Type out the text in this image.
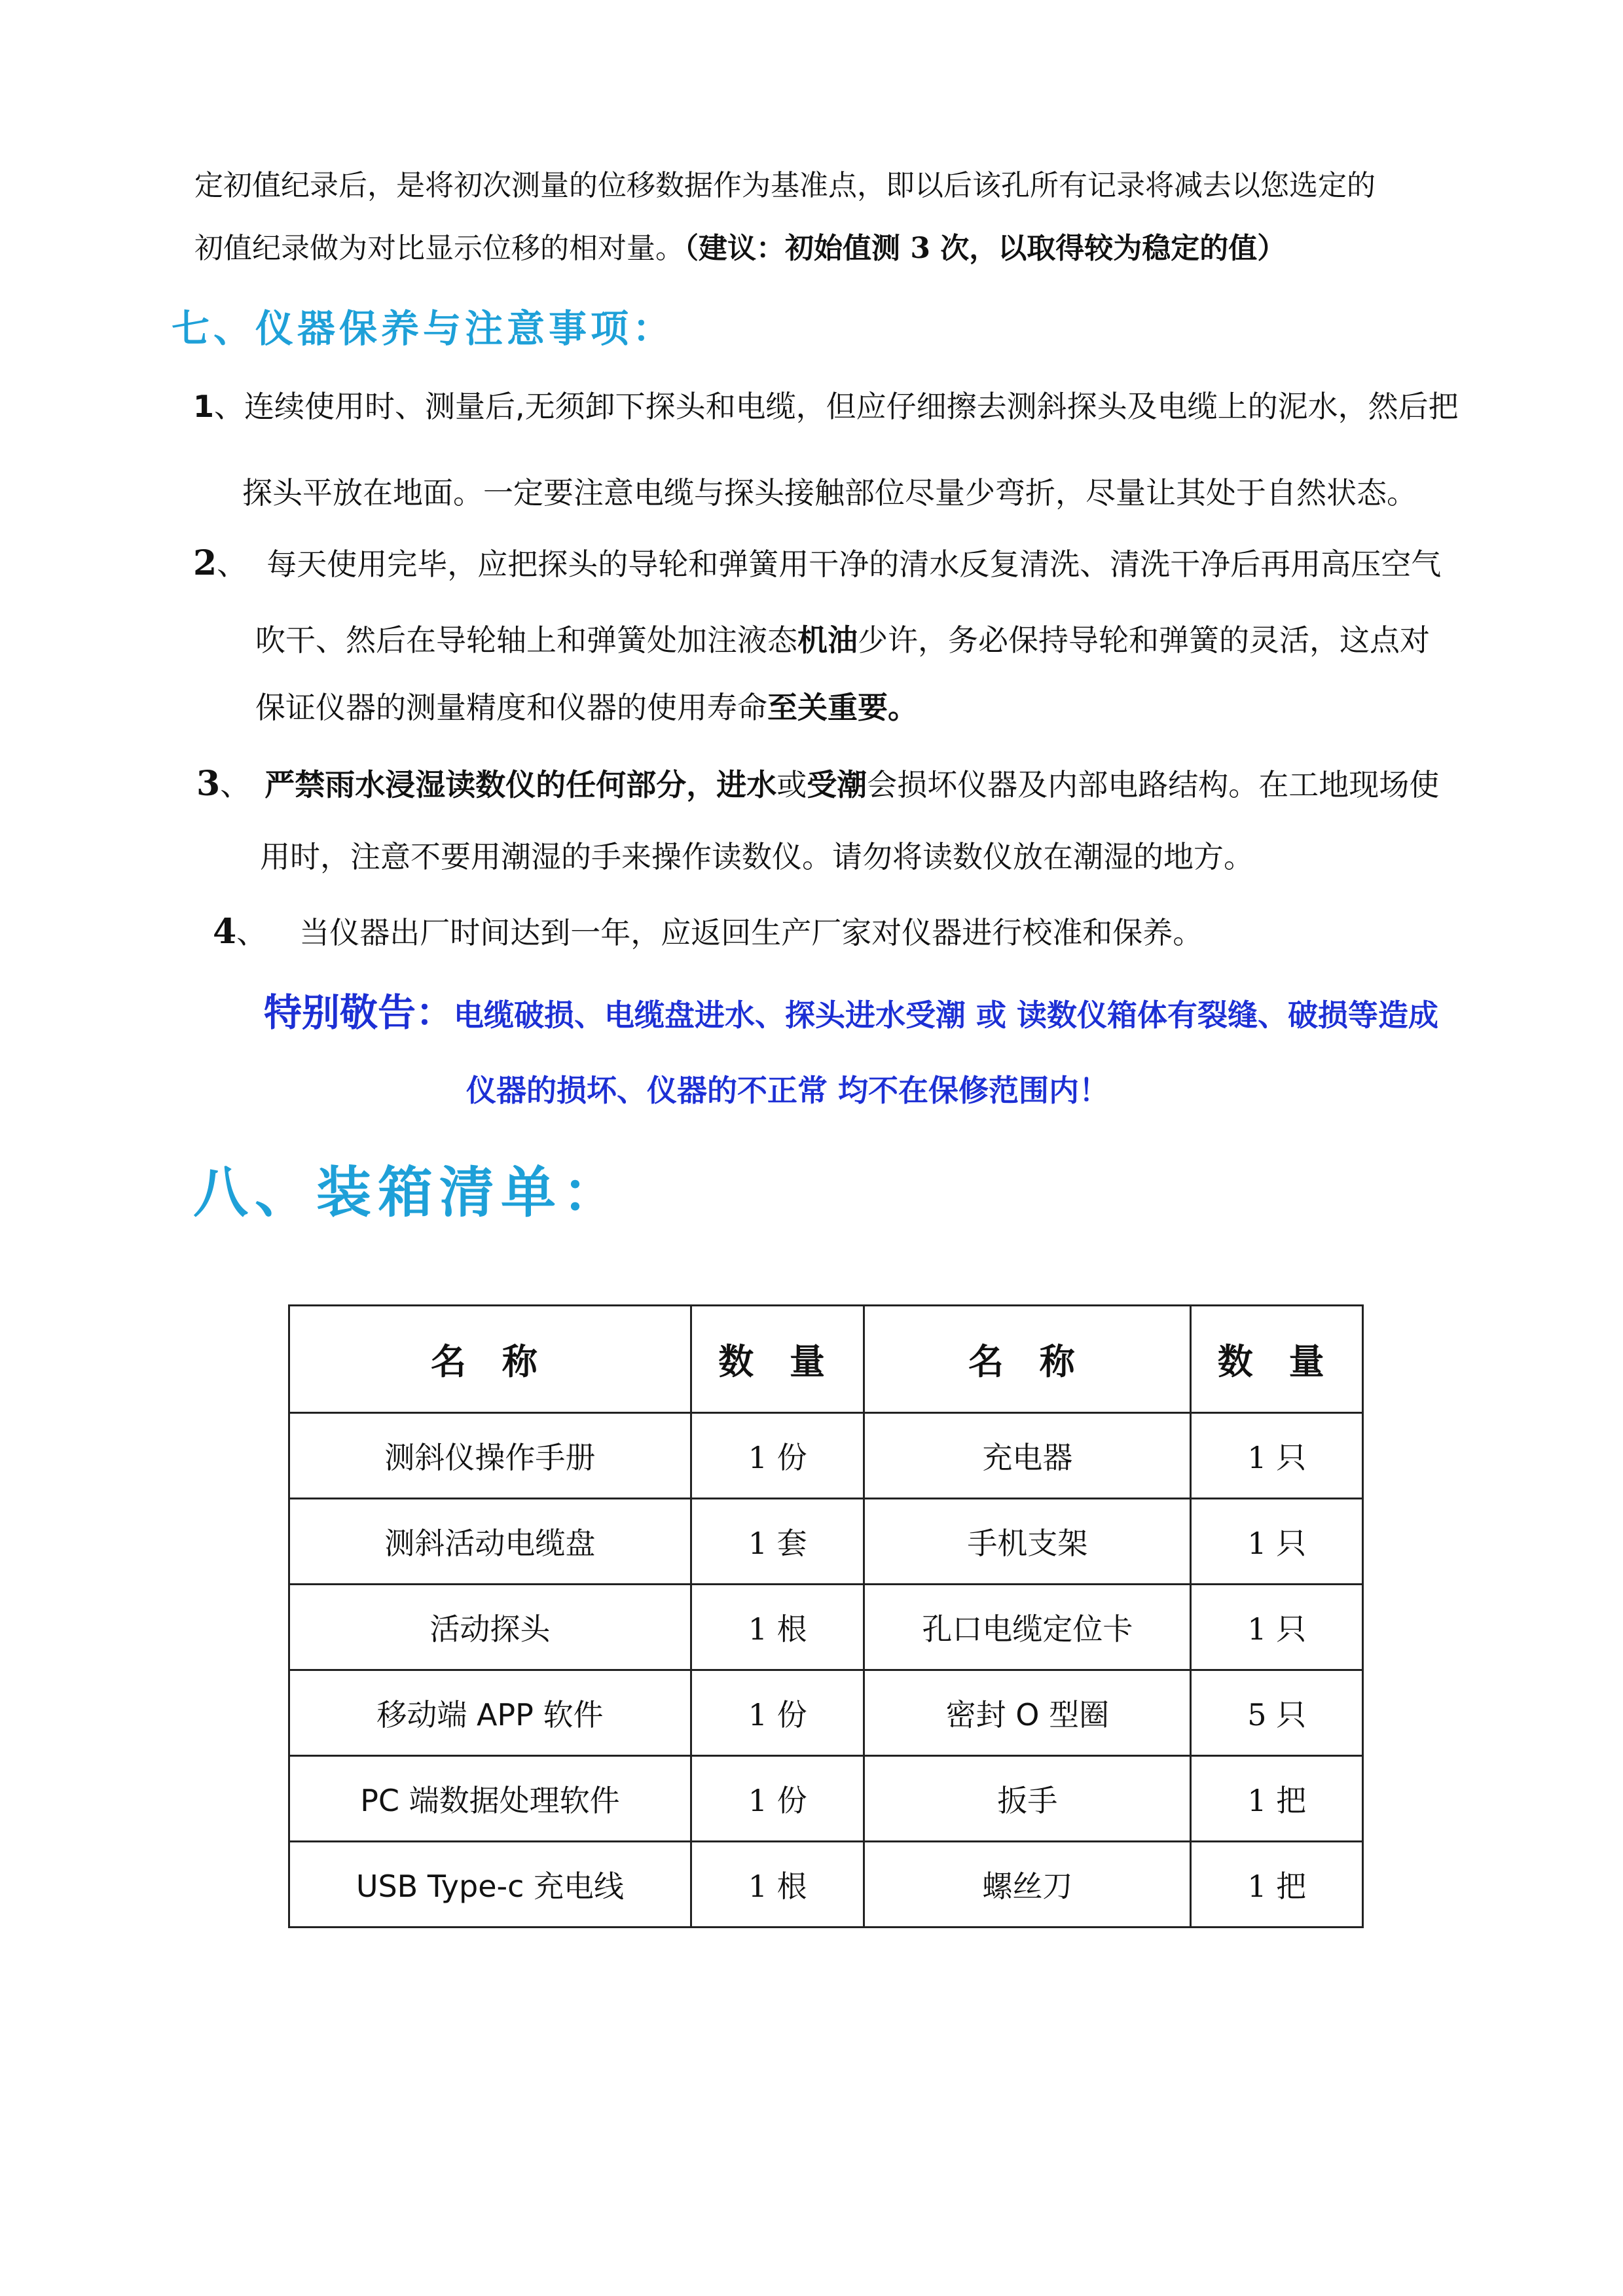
定初值纪录后，是将初次测量的位移数据作为基准点，即以后该孔所有记录将减去以您选定的
初值纪录做为对比显示位移的相对量。（建议：初始值测 3 次，以取得较为稳定的值）
七、仪器保养与注意事项：
1、连续使用时、测量后,无须卸下探头和电缆，但应仔细擦去测斜探头及电缆上的泥水，然后把
探头平放在地面。一定要注意电缆与探头接触部位尽量少弯折，尽量让其处于自然状态。
2、 每天使用完毕，应把探头的导轮和弹簧用干净的清水反复清洗、清洗干净后再用高压空气
吹干、然后在导轮轴上和弹簧处加注液态机油少许，务必保持导轮和弹簧的灵活，这点对
保证仪器的测量精度和仪器的使用寿命至关重要。
3、 严禁雨水浸湿读数仪的任何部分，进水或受潮会损坏仪器及内部电路结构。在工地现场使
用时，注意不要用潮湿的手来操作读数仪。请勿将读数仪放在潮湿的地方。
4、 当仪器出厂时间达到一年，应返回生产厂家对仪器进行校准和保养。
特别敬告：电缆破损、电缆盘进水、探头进水受潮 或 读数仪箱体有裂缝、破损等造成
仪器的损坏、仪器的不正常 均不在保修范围内！
八、装箱清单：
名 称	数 量	名 称	数 量
测斜仪操作手册	1 份	充电器	1 只
测斜活动电缆盘	1 套	手机支架	1 只
活动探头	1 根	孔口电缆定位卡	1 只
移动端 APP 软件	1 份	密封 O 型圈	5 只
PC 端数据处理软件	1 份	扳手	1 把
USB Type-c 充电线	1 根	螺丝刀	1 把
